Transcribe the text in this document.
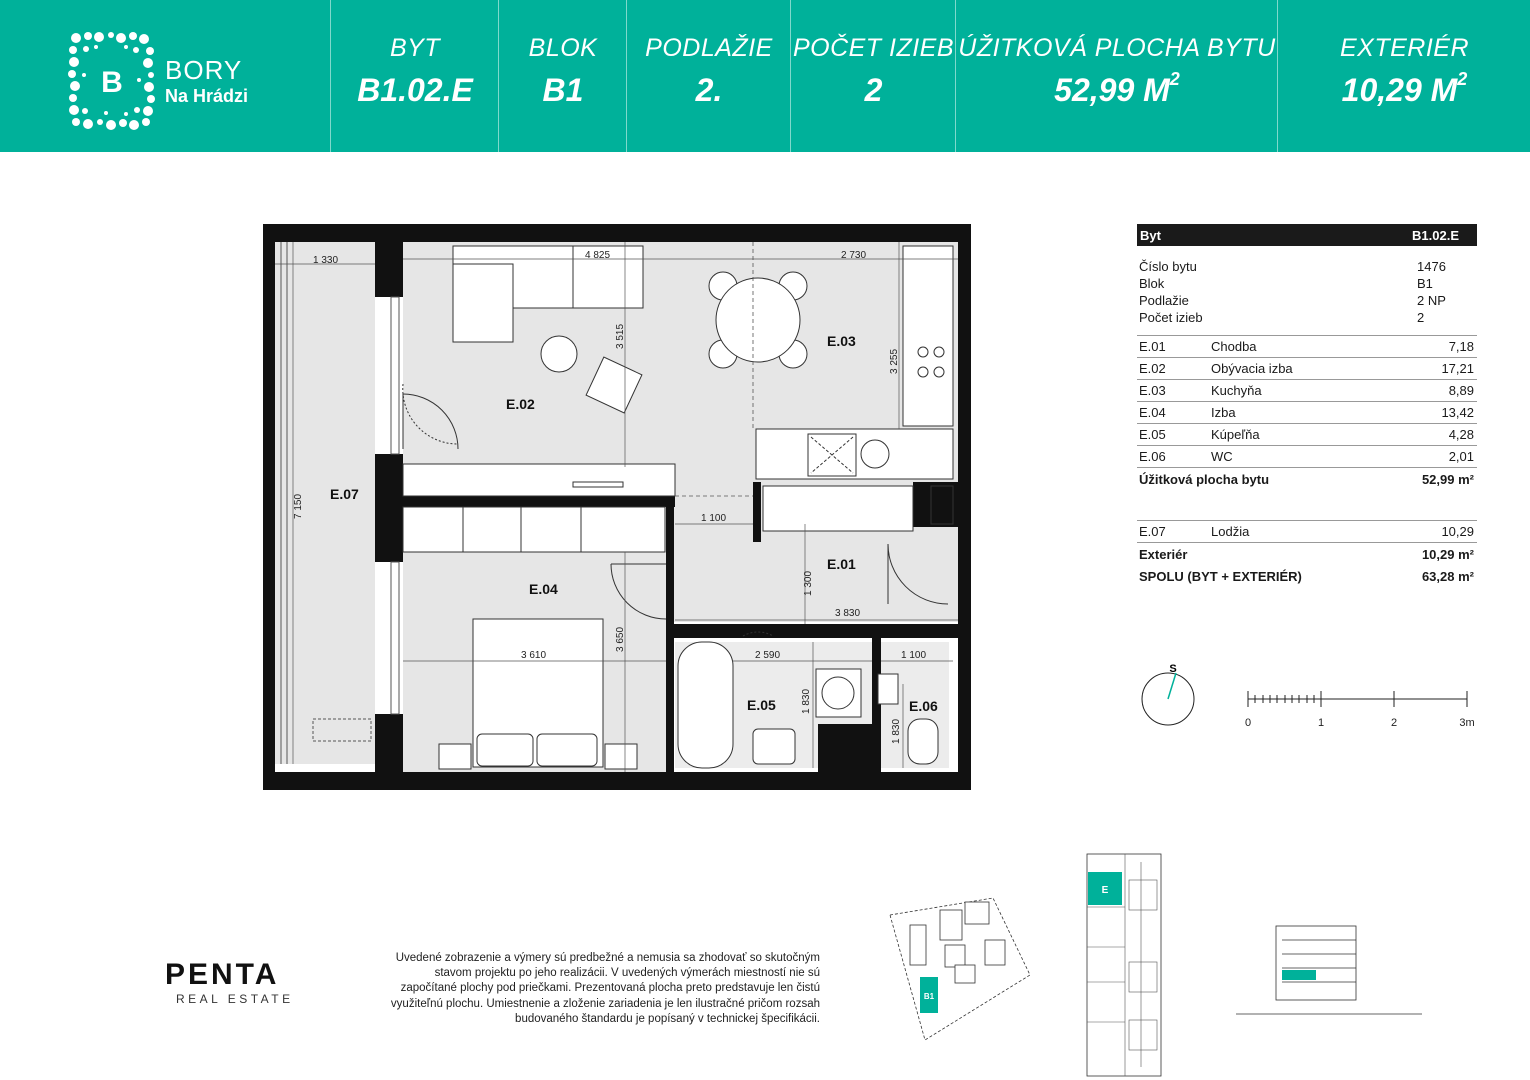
B BORY
Na Hrádzi
BYT
B1.02.E
BLOK
B1
PODLAŽIE
2.
POČET IZIEB
2
ÚŽITKOVÁ PLOCHA BYTU
52,99 $M^2$
EXTERIÉR
10,29 $M^2$
E.01
E.02
E.03
E.04
E.05	E.06
E.07
1 330	4 825	2 730
3 515
3 255
7 150	1 100
1 300
3 830
3 610
3 650
2 590	1 100
1 830
1 830
Byt	B1.02.E
Číslo bytu	1476
Blok	B1
Podlažie	2 NP
Počet izieb	2
E.01	Chodba	7,18
E.02	Obývacia izba	17,21
E.03	Kuchyňa	8,89
E.04	Izba	13,42
E.05	Kúpeľňa	4,28
E.06	WC	2,01
Úžitková plocha bytu	52,99 m²
E.07	Lodžia	10,29
Exteriér	10,29 m²
SPOLU (BYT + EXTERIÉR)	63,28 m²
S
0	1	2	3m
PENTA
REAL ESTATE
Uvedené zobrazenie a výmery sú predbežné a nemusia sa zhodovať so skutočným
stavom projektu po jeho realizácii. V uvedených výmerách miestností nie sú
započítané plochy pod priečkami. Prezentovaná plocha preto predstavuje len čistú
využiteľnú plochu. Umiestnenie a zloženie zariadenia je len ilustračné pričom rozsah
budovaného štandardu je popísaný v technickej špecifikácii.
B1
E
